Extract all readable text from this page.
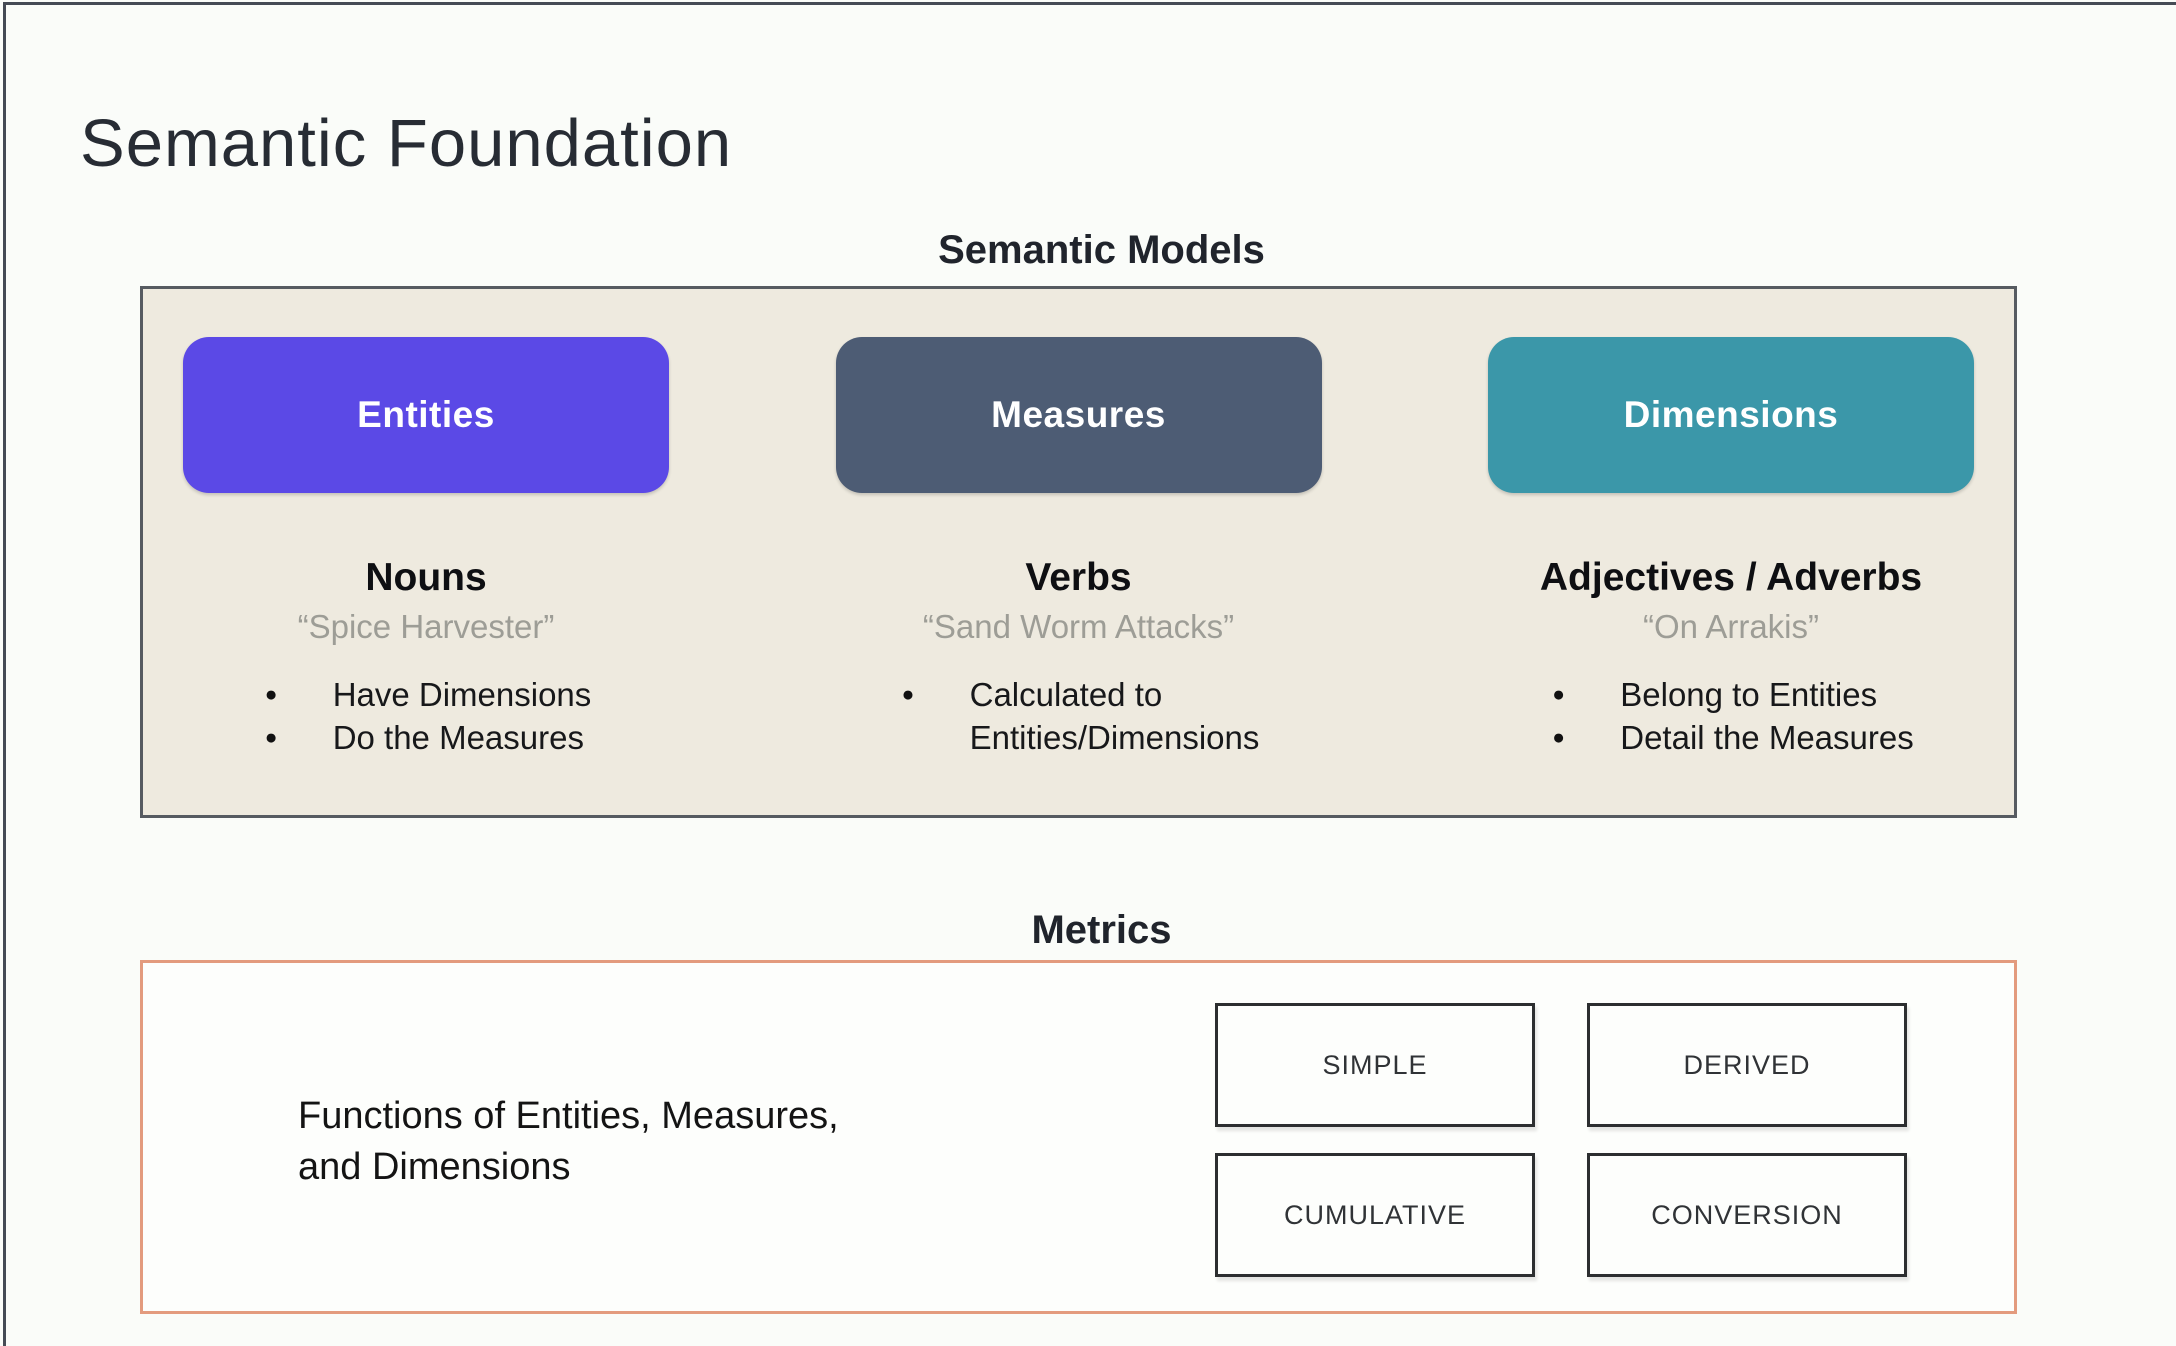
Semantic Foundation
Semantic Models
Entities
Nouns
“Spice Harvester”
● Have Dimensions
● Do the Measures
Measures
Verbs
“Sand Worm Attacks”
● Calculated to
Entities/Dimensions
Dimensions
Adjectives / Adverbs
“On Arrakis”
● Belong to Entities
● Detail the Measures
Metrics
Functions of Entities, Measures,
and Dimensions
SIMPLE	DERIVED
CUMULATIVE	CONVERSION
